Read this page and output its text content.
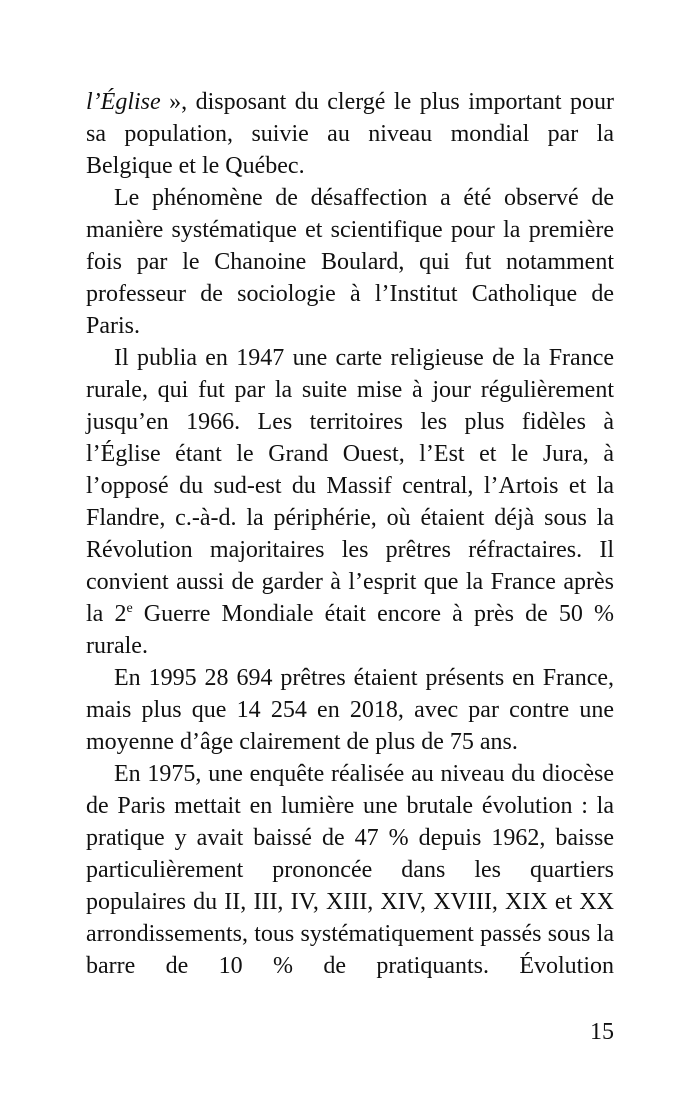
l’Église », disposant du clergé le plus important pour sa population, suivie au niveau mondial par la Belgique et le Québec.

Le phénomène de désaffection a été observé de manière systématique et scientifique pour la première fois par le Chanoine Boulard, qui fut notamment professeur de sociologie à l’Institut Catholique de Paris.

Il publia en 1947 une carte religieuse de la France rurale, qui fut par la suite mise à jour régulièrement jusqu’en 1966. Les territoires les plus fidèles à l’Église étant le Grand Ouest, l’Est et le Jura, à l’opposé du sud-est du Massif central, l’Artois et la Flandre, c.-à-d. la périphérie, où étaient déjà sous la Révolution majoritaires les prêtres réfractaires. Il convient aussi de garder à l’esprit que la France après la 2e Guerre Mondiale était encore à près de 50 % rurale.

En 1995 28 694 prêtres étaient présents en France, mais plus que 14 254 en 2018, avec par contre une moyenne d’âge clairement de plus de 75 ans.

En 1975, une enquête réalisée au niveau du diocèse de Paris mettait en lumière une brutale évolution : la pratique y avait baissé de 47 % depuis 1962, baisse particulièrement prononcée dans les quartiers populaires du II, III, IV, XIII, XIV, XVIII, XIX et XX arrondissements, tous systématiquement passés sous la barre de 10 % de pratiquants. Évolution

15
